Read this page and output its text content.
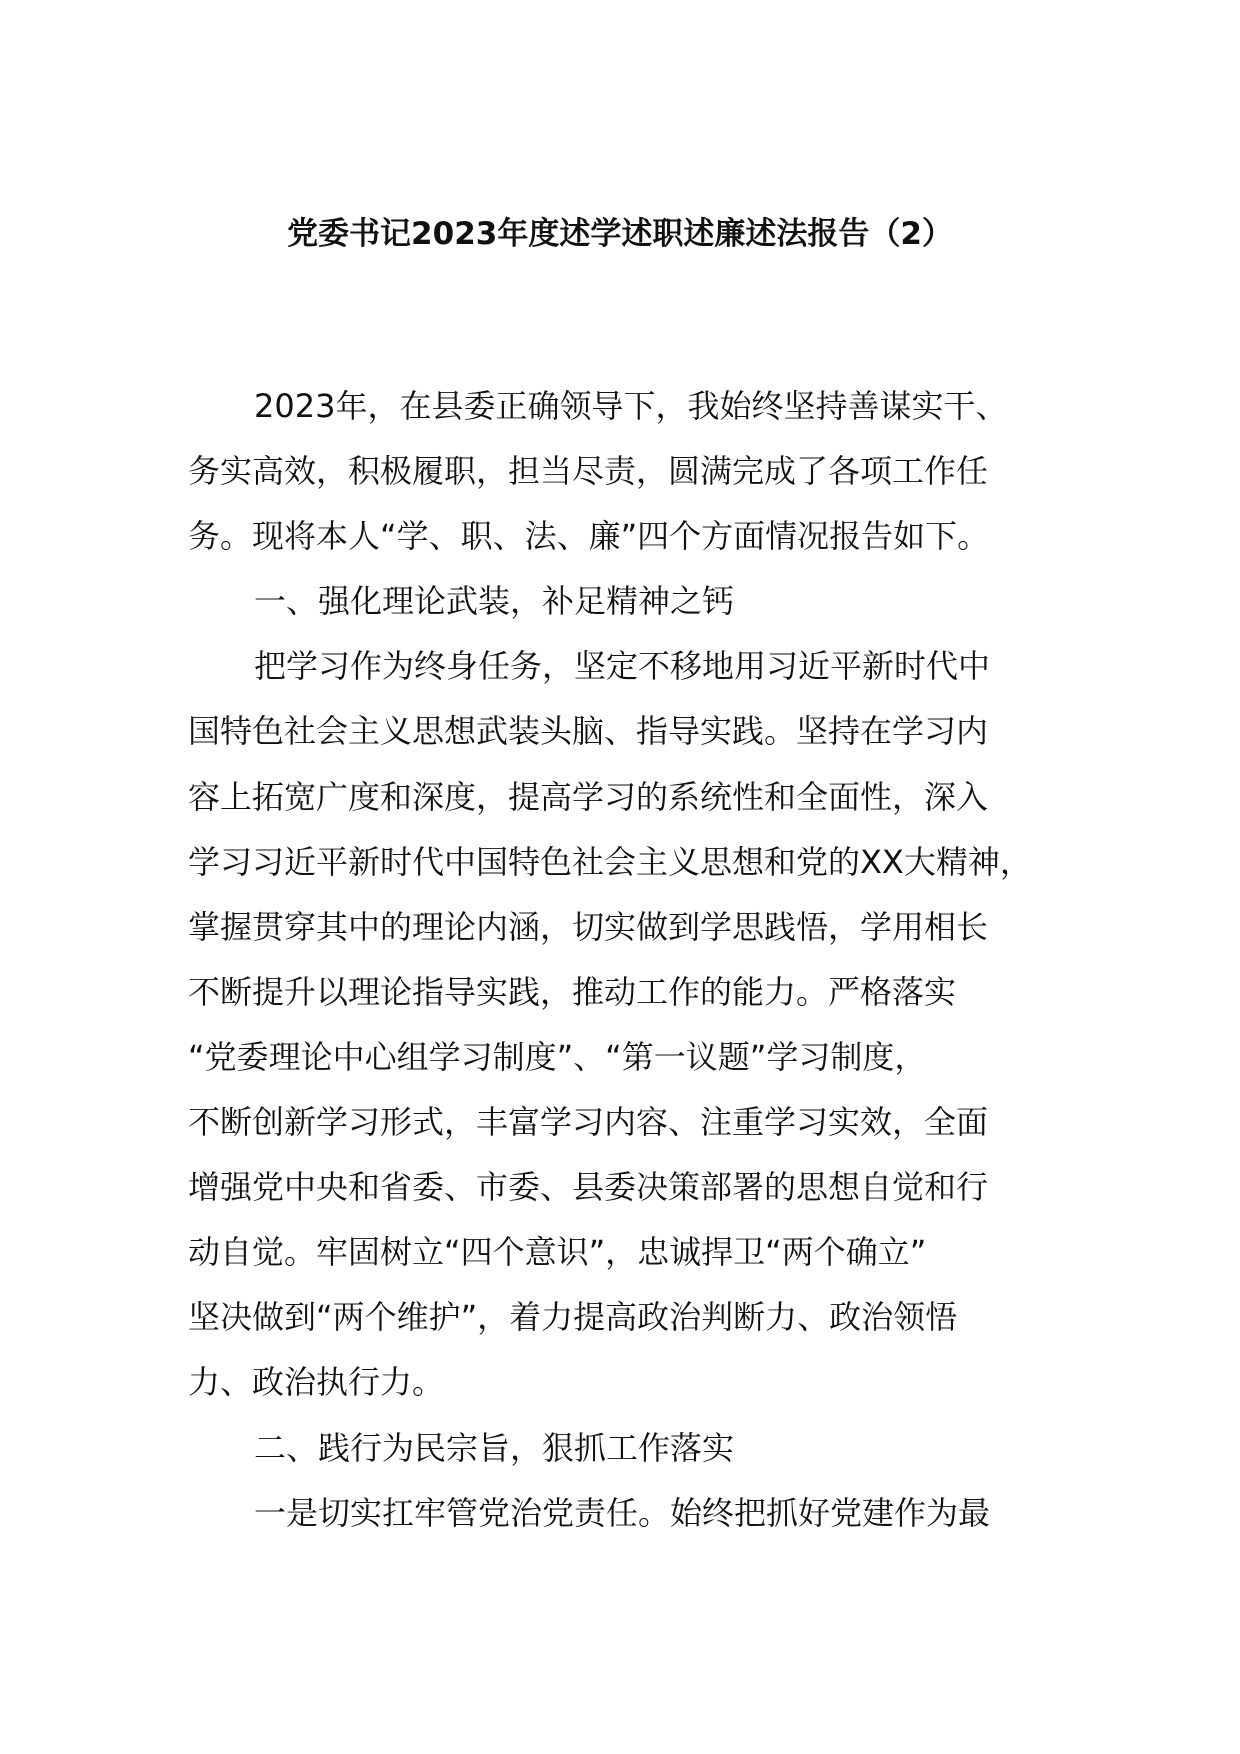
党委书记2023年度述学述职述廉述法报告（2）
2023年，在县委正确领导下，我始终坚持善谋实干、
务实高效，积极履职，担当尽责，圆满完成了各项工作任
务。现将本人“学、职、法、廉”四个方面情况报告如下。
一、强化理论武装，补足精神之钙
把学习作为终身任务，坚定不移地用习近平新时代中
国特色社会主义思想武装头脑、指导实践。坚持在学习内
容上拓宽广度和深度，提高学习的系统性和全面性，深入
学习习近平新时代中国特色社会主义思想和党的XX大精神，
掌握贯穿其中的理论内涵，切实做到学思践悟，学用相长
不断提升以理论指导实践，推动工作的能力。严格落实
“党委理论中心组学习制度”、“第一议题”学习制度，
不断创新学习形式，丰富学习内容、注重学习实效，全面
增强党中央和省委、市委、县委决策部署的思想自觉和行
动自觉。牢固树立“四个意识”，忠诚捍卫“两个确立”
坚决做到“两个维护”，着力提高政治判断力、政治领悟
力、政治执行力。
二、践行为民宗旨，狠抓工作落实
一是切实扛牢管党治党责任。始终把抓好党建作为最
